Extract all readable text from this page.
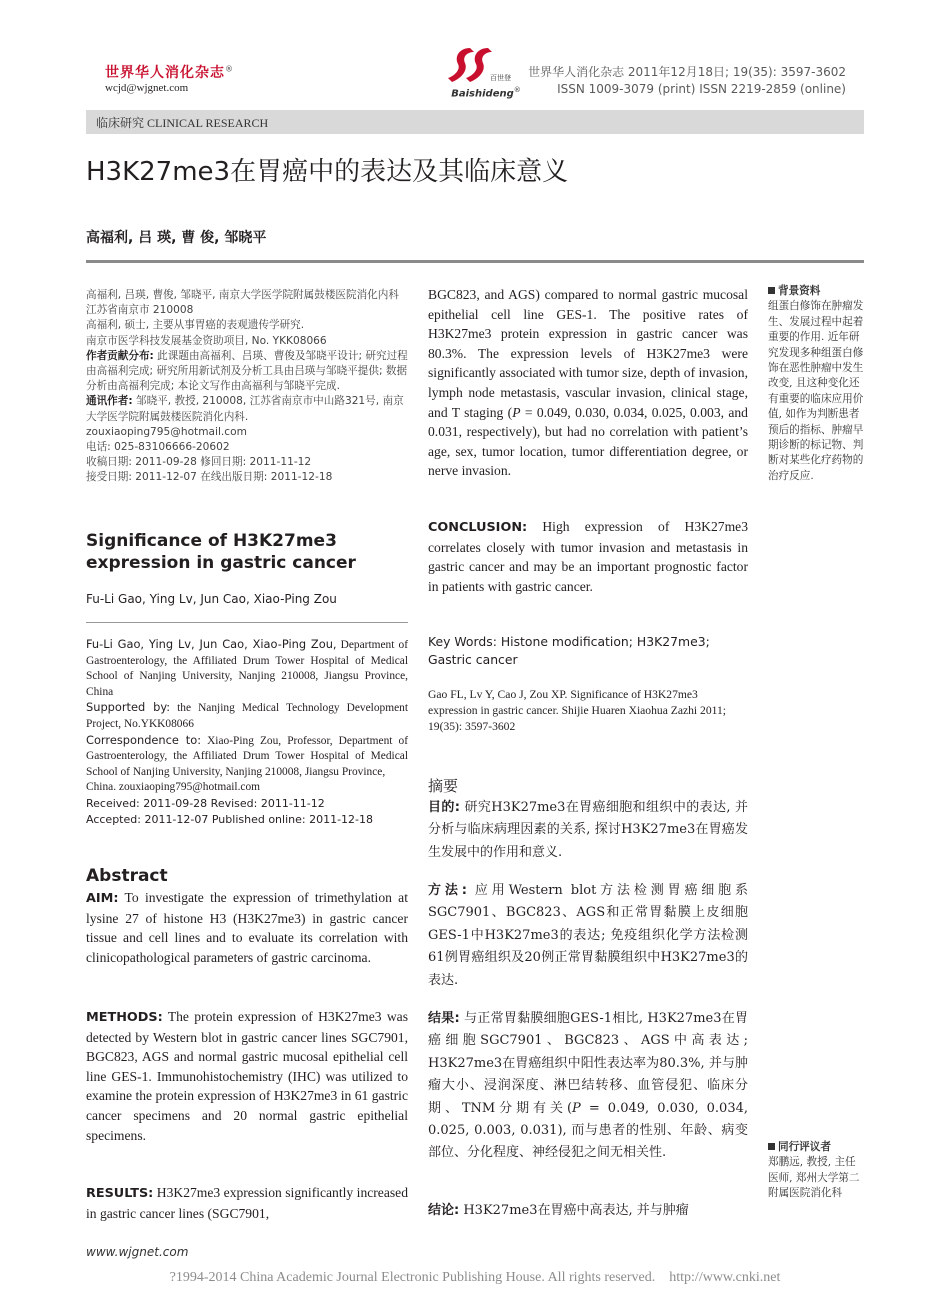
世界华人消化杂志®
wcjd@wjgnet.com
百世登
Baishideng®
世界华人消化杂志 2011年12月18日; 19(35): 3597-3602
ISSN 1009-3079 (print) ISSN 2219-2859 (online)
临床研究 CLINICAL RESEARCH
H3K27me3在胃癌中的表达及其临床意义
高福利, 吕 瑛, 曹 俊, 邹晓平

高福利, 吕瑛, 曹俊, 邹晓平, 南京大学医学院附属鼓楼医院消化内科 江苏省南京市 210008

高福利, 硕士, 主要从事胃癌的表观遗传学研究.

南京市医学科技发展基金资助项目, No. YKK08066

作者贡献分布: 此课题由高福利、吕瑛、曹俊及邹晓平设计; 研究过程由高福利完成; 研究所用新试剂及分析工具由吕瑛与邹晓平提供; 数据分析由高福利完成; 本论文写作由高福利与邹晓平完成.

通讯作者: 邹晓平, 教授, 210008, 江苏省南京市中山路321号, 南京大学医学院附属鼓楼医院消化内科.

zouxiaoping795@hotmail.com

电话: 025-83106666-20602

收稿日期: 2011-09-28 修回日期: 2011-11-12

接受日期: 2011-12-07 在线出版日期: 2011-12-18

Significance of H3K27me3 expression in gastric cancer
Fu-Li Gao, Ying Lv, Jun Cao, Xiao-Ping Zou

Fu-Li Gao, Ying Lv, Jun Cao, Xiao-Ping Zou, Department of Gastroenterology, the Affiliated Drum Tower Hospital of Medical School of Nanjing University, Nanjing 210008, Jiangsu Province, China

Supported by: the Nanjing Medical Technology Development Project, No.YKK08066

Correspondence to: Xiao-Ping Zou, Professor, Department of Gastroenterology, the Affiliated Drum Tower Hospital of Medical School of Nanjing University, Nanjing 210008, Jiangsu Province,

China. zouxiaoping795@hotmail.com

Received: 2011-09-28 Revised: 2011-11-12

Accepted: 2011-12-07 Published online: 2011-12-18

Abstract
AIM: To investigate the expression of trimethylation at lysine 27 of histone H3 (H3K27me3) in gastric cancer tissue and cell lines and to evaluate its correlation with clinicopathological parameters of gastric carcinoma.
METHODS: The protein expression of H3K27me3 was detected by Western blot in gastric cancer lines SGC7901, BGC823, AGS and normal gastric mucosal epithelial cell line GES-1. Immunohistochemistry (IHC) was utilized to examine the protein expression of H3K27me3 in 61 gastric cancer specimens and 20 normal gastric epithelial specimens.
RESULTS: H3K27me3 expression significantly increased in gastric cancer lines (SGC7901,
BGC823, and AGS) compared to normal gastric mucosal epithelial cell line GES-1. The positive rates of H3K27me3 protein expression in gastric cancer was 80.3%. The expression levels of H3K27me3 were significantly associated with tumor size, depth of invasion, lymph node metastasis, vascular invasion, clinical stage, and T staging (P = 0.049, 0.030, 0.034, 0.025, 0.003, and 0.031, respectively), but had no correlation with patient’s age, sex, tumor location, tumor differentiation degree, or nerve invasion.
CONCLUSION: High expression of H3K27me3 correlates closely with tumor invasion and metastasis in gastric cancer and may be an important prognostic factor in patients with gastric cancer.
Key Words: Histone modification; H3K27me3; Gastric cancer
Gao FL, Lv Y, Cao J, Zou XP. Significance of H3K27me3 expression in gastric cancer. Shijie Huaren Xiaohua Zazhi 2011; 19(35): 3597-3602
摘要
目的: 研究H3K27me3在胃癌细胞和组织中的表达, 并分析与临床病理因素的关系, 探讨H3K27me3在胃癌发生发展中的作用和意义.
方法: 应用Western blot方法检测胃癌细胞系SGC7901、BGC823、AGS和正常胃黏膜上皮细胞GES-1中H3K27me3的表达; 免疫组织化学方法检测61例胃癌组织及20例正常胃黏膜组织中H3K27me3的表达.
结果: 与正常胃黏膜细胞GES-1相比, H3K27me3在胃癌细胞SGC7901、BGC823、AGS中高表达; H3K27me3在胃癌组织中阳性表达率为80.3%, 并与肿瘤大小、浸润深度、淋巴结转移、血管侵犯、临床分期、TNM分期有关(P = 0.049, 0.030, 0.034, 0.025, 0.003, 0.031), 而与患者的性别、年龄、病变部位、分化程度、神经侵犯之间无相关性.
结论: H3K27me3在胃癌中高表达, 并与肿瘤
背景资料
组蛋白修饰在肿瘤发生、发展过程中起着重要的作用. 近年研究发现多种组蛋白修饰在恶性肿瘤中发生改变, 且这种变化还有重要的临床应用价值, 如作为判断患者预后的指标、肿瘤早期诊断的标记物、判断对某些化疗药物的治疗反应.
同行评议者
郑鹏远, 教授, 主任医师, 郑州大学第二附属医院消化科
www.wjgnet.com
?1994-2014 China Academic Journal Electronic Publishing House. All rights reserved.    http://www.cnki.net
